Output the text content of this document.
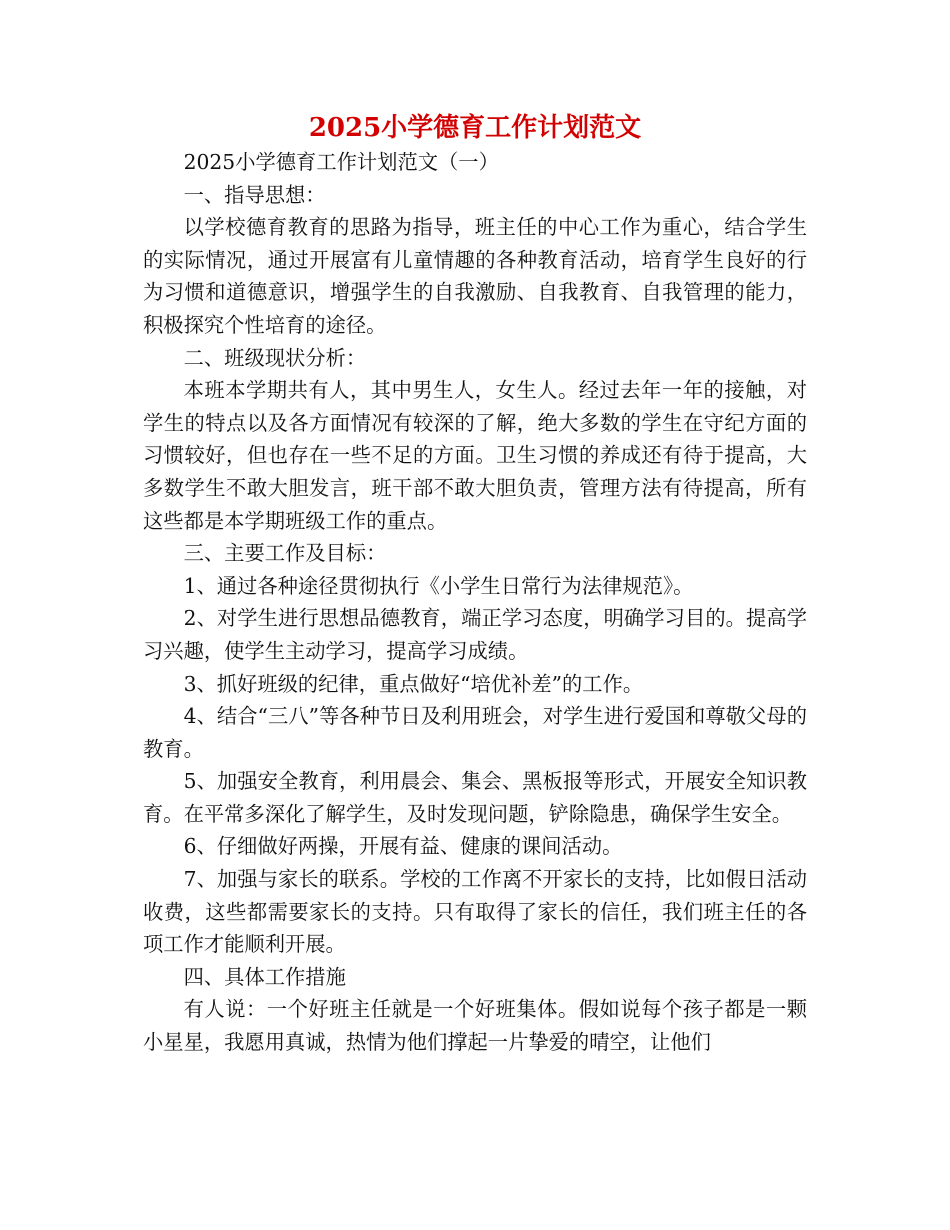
2025小学德育工作计划范文

2025小学德育工作计划范文（一）

一、指导思想：

以学校德育教育的思路为指导，班主任的中心工作为重心，结合学生的实际情况，通过开展富有儿童情趣的各种教育活动，培育学生良好的行为习惯和道德意识，增强学生的自我激励、自我教育、自我管理的能力，积极探究个性培育的途径。

二、班级现状分析：

本班本学期共有人，其中男生人，女生人。经过去年一年的接触，对学生的特点以及各方面情况有较深的了解，绝大多数的学生在守纪方面的习惯较好，但也存在一些不足的方面。卫生习惯的养成还有待于提高，大多数学生不敢大胆发言，班干部不敢大胆负责，管理方法有待提高，所有这些都是本学期班级工作的重点。

三、主要工作及目标：

1、通过各种途径贯彻执行《小学生日常行为法律规范》。

2、对学生进行思想品德教育，端正学习态度，明确学习目的。提高学习兴趣，使学生主动学习，提高学习成绩。

3、抓好班级的纪律，重点做好“培优补差”的工作。

4、结合“三八”等各种节日及利用班会，对学生进行爱国和尊敬父母的教育。

5、加强安全教育，利用晨会、集会、黑板报等形式，开展安全知识教育。在平常多深化了解学生，及时发现问题，铲除隐患，确保学生安全。

6、仔细做好两操，开展有益、健康的课间活动。

7、加强与家长的联系。学校的工作离不开家长的支持，比如假日活动收费，这些都需要家长的支持。只有取得了家长的信任，我们班主任的各项工作才能顺利开展。

四、具体工作措施

有人说：一个好班主任就是一个好班集体。假如说每个孩子都是一颗小星星，我愿用真诚，热情为他们撑起一片挚爱的晴空，让他们
